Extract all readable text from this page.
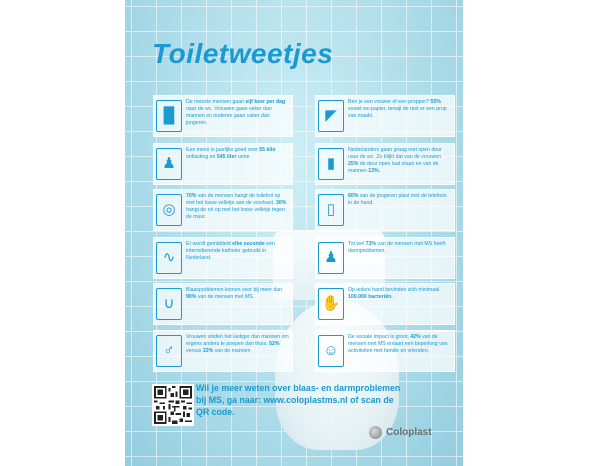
Toiletweetjes
█
De meeste mensen gaan vijf keer per dag naar de wc. Vrouwen gaan vaker dan mannen en ouderen gaan vaker dan jongeren.
♟
Een mens is jaarlijks goed voor 55 kilo ontlasting en 545 liter urine
◎
70% van de mensen hangt de toiletrol op met het losse velletje aan de voorkant, 30% hangt de rol op met het losse velletje tegen de muur.
∿
Er wordt gemiddeld elke seconde een intermitterende katheter gebruikt in Nederland.
∪
Blaasproblemen komen voor bij meer dan 90% van de mensen met MS.
♂
Vrouwen vinden het lastiger dan mannen om ergens anders te poepen dan thuis. 52% versus 32% van de mannen
◤
Ben je een vouwer of een propper? 55% vouwt wc-papier, terwijl de rest er een prop van maakt.
▮
Nederlanders gaan graag met open deur naar de wc. Zo blijkt dat van de vrouwen 25% de deur open laat staan en van de mannen 13%.
▯
60% van de jongeren plast met de telefoon in de hand.
♟
Tot wel 73% van de mensen met MS heeft darmproblemen.
✋
Op iedere hand bevinden zich minimaal 100.000 bacteriën.
☺
De sociale impact is groot, 42% van de mensen met MS ervaart een beperking van activiteiten met familie en vrienden.

Wil je meer weten over blaas- en darmproblemen bij MS, ga naar: www.coloplastms.nl of scan de QR code.

Coloplast
